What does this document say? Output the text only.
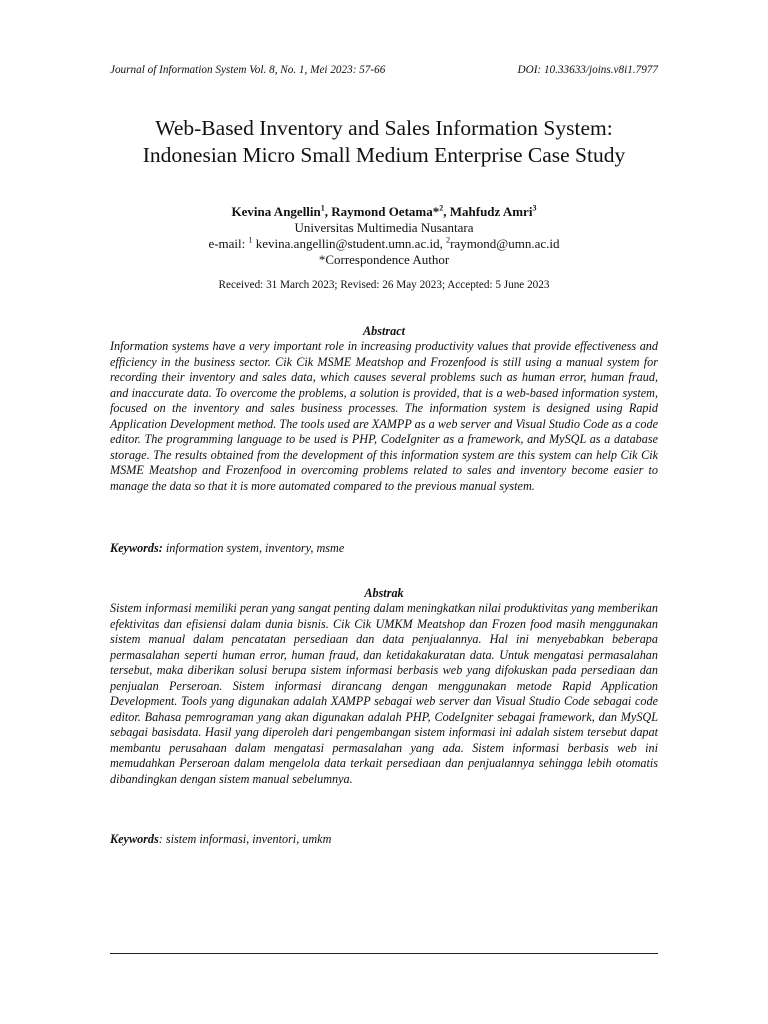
Journal of Information System Vol. 8, No. 1, Mei 2023: 57-66	DOI: 10.33633/joins.v8i1.7977
Web-Based Inventory and Sales Information System:
Indonesian Micro Small Medium Enterprise Case Study
Kevina Angellin$^1$, Raymond Oetama*$^2$, Mahfudz Amri$^3$
Universitas Multimedia Nusantara
e-mail: $^1$ kevina.angellin@student.umn.ac.id, $^2$raymond@umn.ac.id
*Correspondence Author
Received: 31 March 2023; Revised: 26 May 2023; Accepted: 5 June 2023
Abstract
Information systems have a very important role in increasing productivity values that provide effectiveness and efficiency in the business sector. Cik Cik MSME Meatshop and Frozenfood is still using a manual system for recording their inventory and sales data, which causes several problems such as human error, human fraud, and inaccurate data. To overcome the problems, a solution is provided, that is a web-based information system, focused on the inventory and sales business processes. The information system is designed using Rapid Application Development method. The tools used are XAMPP as a web server and Visual Studio Code as a code editor. The programming language to be used is PHP, CodeIgniter as a framework, and MySQL as a database storage. The results obtained from the development of this information system are this system can help Cik Cik MSME Meatshop and Frozenfood in overcoming problems related to sales and inventory become easier to manage the data so that it is more automated compared to the previous manual system.
Keywords: information system, inventory, msme
Abstrak
Sistem informasi memiliki peran yang sangat penting dalam meningkatkan nilai produktivitas yang memberikan efektivitas dan efisiensi dalam dunia bisnis. Cik Cik UMKM Meatshop dan Frozen food masih menggunakan sistem manual dalam pencatatan persediaan dan data penjualannya. Hal ini menyebabkan beberapa permasalahan seperti human error, human fraud, dan ketidakakuratan data. Untuk mengatasi permasalahan tersebut, maka diberikan solusi berupa sistem informasi berbasis web yang difokuskan pada persediaan dan penjualan Perseroan. Sistem informasi dirancang dengan menggunakan metode Rapid Application Development. Tools yang digunakan adalah XAMPP sebagai web server dan Visual Studio Code sebagai code editor. Bahasa pemrograman yang akan digunakan adalah PHP, CodeIgniter sebagai framework, dan MySQL sebagai basisdata. Hasil yang diperoleh dari pengembangan sistem informasi ini adalah sistem tersebut dapat membantu perusahaan dalam mengatasi permasalahan yang ada. Sistem informasi berbasis web ini memudahkan Perseroan dalam mengelola data terkait persediaan dan penjualannya sehingga lebih otomatis dibandingkan dengan sistem manual sebelumnya.
Keywords: sistem informasi, inventori, umkm
